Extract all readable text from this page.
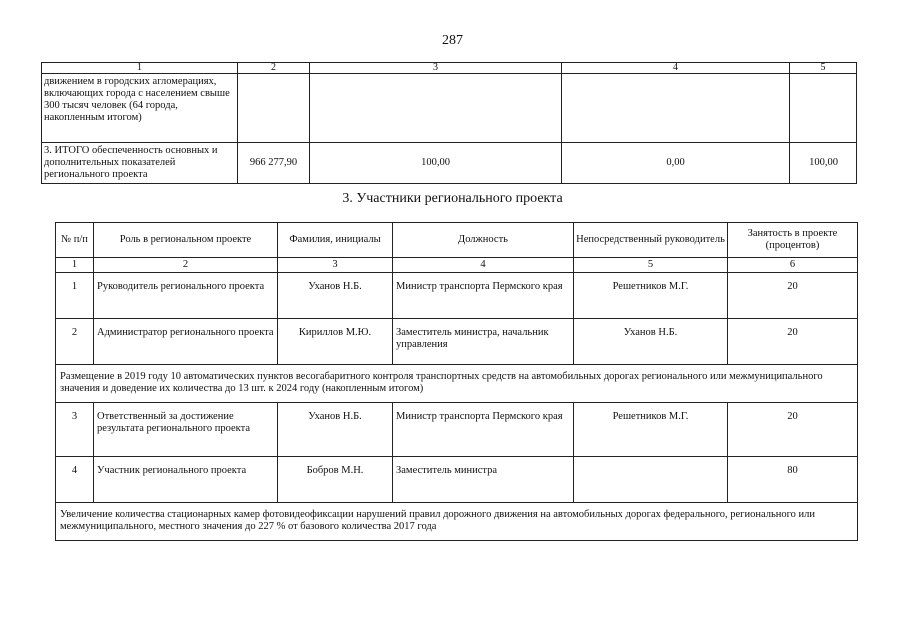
287
1	2	3	4	5
движением в городских агломерациях, включающих города с населением свыше 300 тысяч человек (64 города, накопленным итогом)				
3. ИТОГО обеспеченность основных и дополнительных показателей регионального проекта	966 277,90	100,00	0,00	100,00
3. Участники регионального проекта
№ п/п	Роль в региональном проекте	Фамилия, инициалы	Должность	Непосредственный руководитель	Занятость в проекте (процентов)
1	2	3	4	5	6
1	Руководитель регионального проекта	Уханов Н.Б.	Министр транспорта Пермского края	Решетников М.Г.	20
2	Администратор регионального проекта	Кириллов М.Ю.	Заместитель министра, начальник управления	Уханов Н.Б.	20
Размещение в 2019 году 10 автоматических пунктов весогабаритного контроля транспортных средств на автомобильных дорогах регионального или межмуниципального значения и доведение их количества до 13 шт. к 2024 году (накопленным итогом)					
3	Ответственный за достижение результата регионального проекта	Уханов Н.Б.	Министр транспорта Пермского края	Решетников М.Г.	20
4	Участник регионального проекта	Бобров М.Н.	Заместитель министра		80
Увеличение количества стационарных камер фотовидеофиксации нарушений правил дорожного движения на автомобильных дорогах федерального, регионального или межмуниципального, местного значения до 227 % от базового количества 2017 года					
